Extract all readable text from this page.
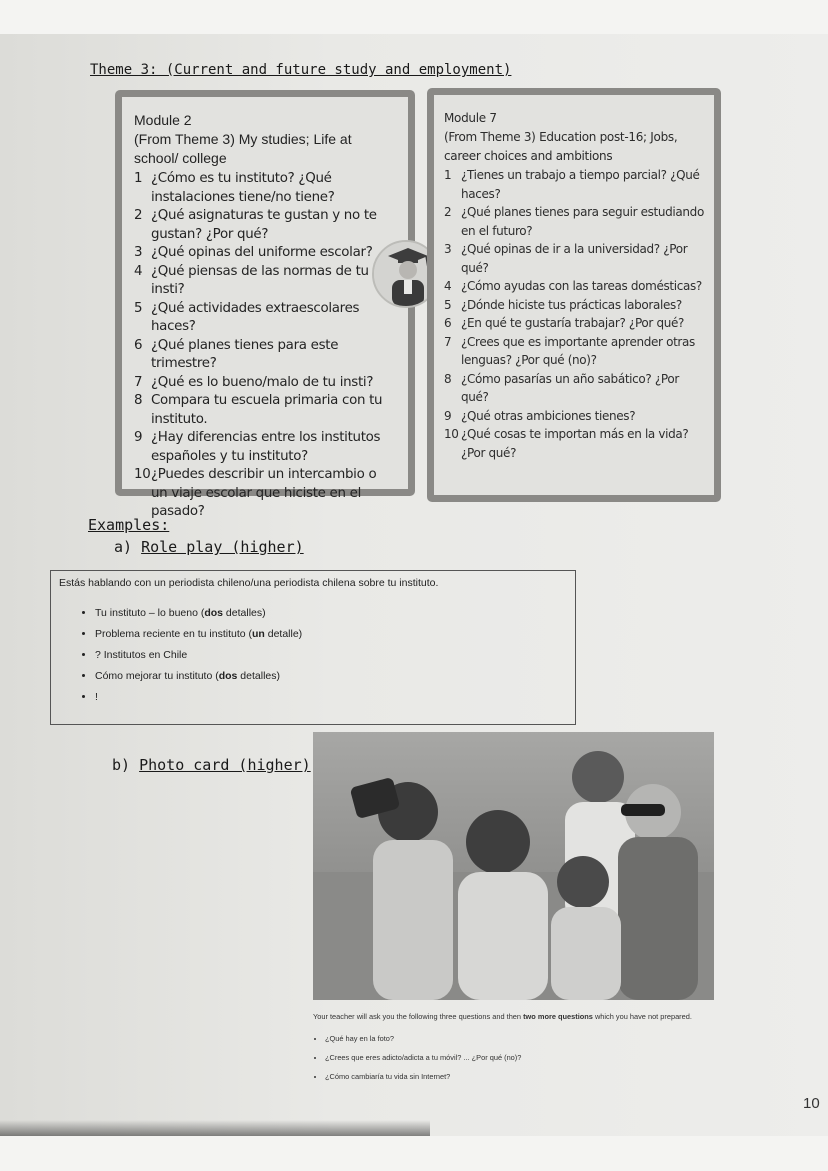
Theme 3: (Current and future study and employment)
Module 2
(From Theme 3) My studies; Life at school/ college
1 ¿Cómo es tu instituto? ¿Qué instalaciones tiene/no tiene?
2 ¿Qué asignaturas te gustan y no te gustan? ¿Por qué?
3 ¿Qué opinas del uniforme escolar?
4 ¿Qué piensas de las normas de tu insti?
5 ¿Qué actividades extraescolares haces?
6 ¿Qué planes tienes para este trimestre?
7 ¿Qué es lo bueno/malo de tu insti?
8 Compara tu escuela primaria con tu instituto.
9 ¿Hay diferencias entre los institutos españoles y tu instituto?
10 ¿Puedes describir un intercambio o un viaje escolar que hiciste en el pasado?
Module 7
(From Theme 3) Education post-16; Jobs, career choices and ambitions
1 ¿Tienes un trabajo a tiempo parcial? ¿Qué haces?
2 ¿Qué planes tienes para seguir estudiando en el futuro?
3 ¿Qué opinas de ir a la universidad? ¿Por qué?
4 ¿Cómo ayudas con las tareas domésticas?
5 ¿Dónde hiciste tus prácticas laborales?
6 ¿En qué te gustaría trabajar? ¿Por qué?
7 ¿Crees que es importante aprender otras lenguas? ¿Por qué (no)?
8 ¿Cómo pasarías un año sabático? ¿Por qué?
9 ¿Qué otras ambiciones tienes?
10 ¿Qué cosas te importan más en la vida? ¿Por qué?
Examples:
a) Role play (higher)
Estás hablando con un periodista chileno/una periodista chilena sobre tu instituto.
• Tu instituto – lo bueno (dos detalles)
• Problema reciente en tu instituto (un detalle)
• ? Institutos en Chile
• Cómo mejorar tu instituto (dos detalles)
• !
b) Photo card (higher)
Your teacher will ask you the following three questions and then two more questions which you have not prepared.
• ¿Qué hay en la foto?
• ¿Crees que eres adicto/adicta a tu móvil? ... ¿Por qué (no)?
• ¿Cómo cambiaría tu vida sin Internet?
10
